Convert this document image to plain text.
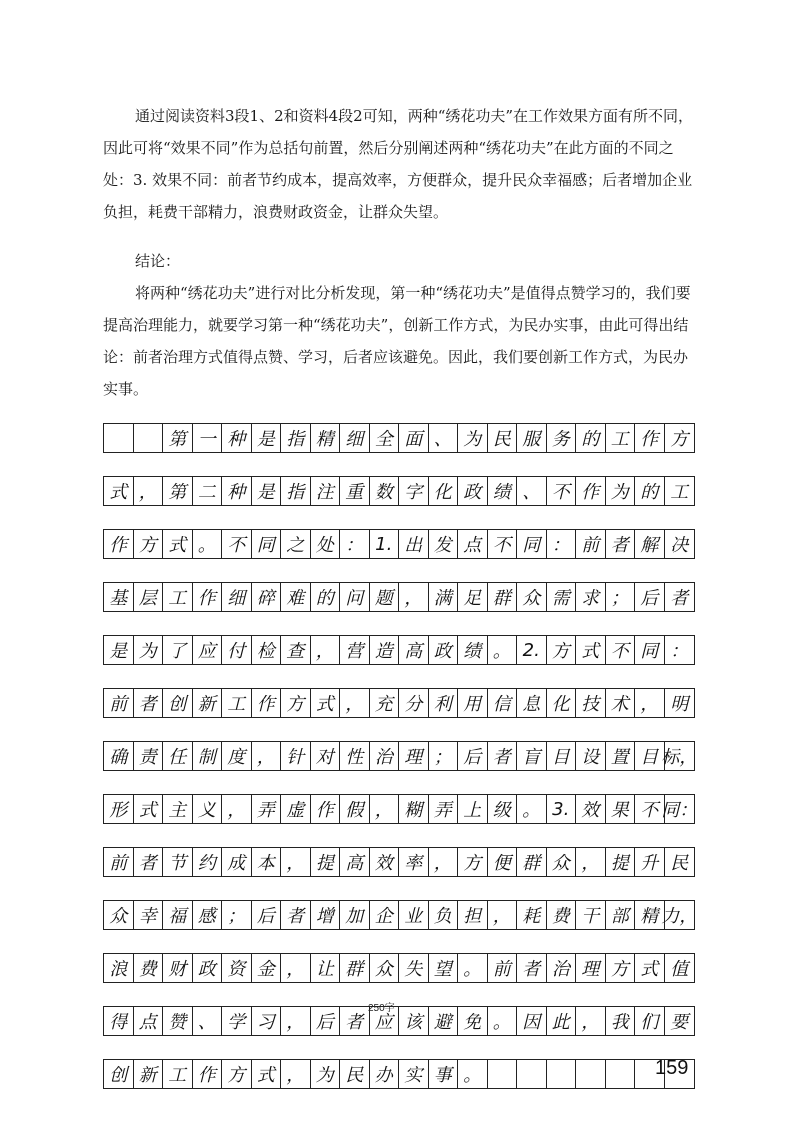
通过阅读资料3段1、2和资料4段2可知，两种“绣花功夫”在工作效果方面有所不同，因此可将“效果不同”作为总括句前置，然后分别阐述两种“绣花功夫”在此方面的不同之处：3. 效果不同：前者节约成本，提高效率，方便群众，提升民众幸福感；后者增加企业负担，耗费干部精力，浪费财政资金，让群众失望。

结论：

将两种“绣花功夫”进行对比分析发现，第一种“绣花功夫”是值得点赞学习的，我们要提高治理能力，就要学习第一种“绣花功夫”，创新工作方式，为民办实事，由此可得出结论：前者治理方式值得点赞、学习，后者应该避免。因此，我们要创新工作方式，为民办实事。

第 一 种 是 指 精 细 全 面 、 为 民 服 务 的 工 作 方
式 ， 第 二 种 是 指 注 重 数 字 化 政 绩 、 不 作 为 的 工
作 方 式 。 不 同 之 处 ： 1. 出 发 点 不 同 ： 前 者 解 决
基 层 工 作 细 碎 难 的 问 题 ， 满 足 群 众 需 求 ； 后 者
是 为 了 应 付 检 查 ， 营 造 高 政 绩 。 2. 方 式 不 同 ：
前 者 创 新 工 作 方 式 ， 充 分 利 用 信 息 化 技 术 ， 明
确 责 任 制 度 ， 针 对 性 治 理 ； 后 者 盲 目 设 置 目 标，
形 式 主 义 ， 弄 虚 作 假 ， 糊 弄 上 级 。 3. 效 果 不 同：
前 者 节 约 成 本 ， 提 高 效 率 ， 方 便 群 众 ， 提 升 民
众 幸 福 感 ； 后 者 增 加 企 业 负 担 ， 耗 费 干 部 精 力，
浪 费 财 政 资 金 ， 让 群 众 失 望 。 前 者 治 理 方 式 值
得 点 赞 、 学 习 ， 后 者 应 该 避 免 。 因 此 ， 我 们 要
创 新 工 作 方 式 ， 为 民 办 实 事 。
250字
159
